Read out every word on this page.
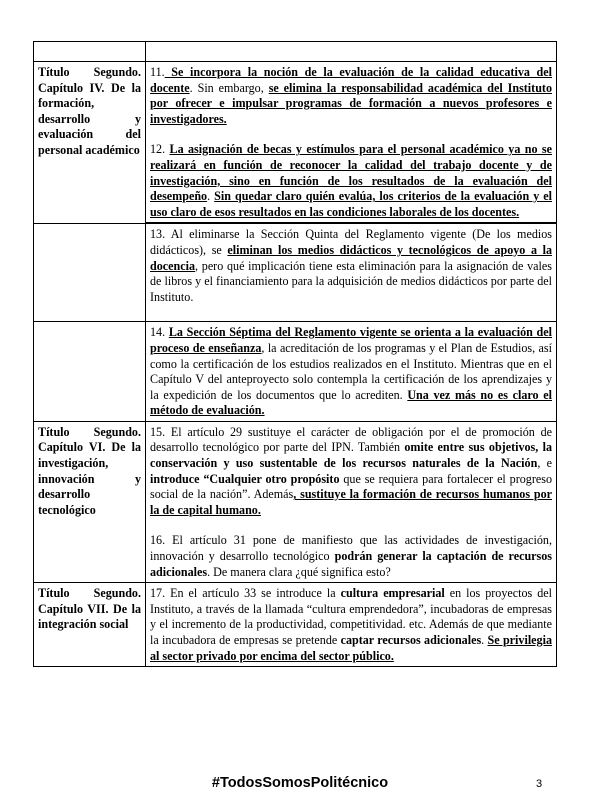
Título Segundo. Capítulo IV. De la formación, desarrollo y evaluación del personal académico	11. Se incorpora la noción de la evaluación de la calidad educativa del docente. Sin embargo, se elimina la responsabilidad académica del Instituto por ofrecer e impulsar programas de formación a nuevos profesores e investigadores.

12. La asignación de becas y estímulos para el personal académico ya no se realizará en función de reconocer la calidad del trabajo docente y de investigación, sino en función de los resultados de la evaluación del desempeño. Sin quedar claro quién evalúa, los criterios de la evaluación y el uso claro de esos resultados en las condiciones laborales de los docentes.

	13. Al eliminarse la Sección Quinta del Reglamento vigente (De los medios didácticos), se eliminan los medios didácticos y tecnológicos de apoyo a la docencia, pero qué implicación tiene esta eliminación para la asignación de vales de libros y el financiamiento para la adquisición de medios didácticos por parte del Instituto.

	14. La Sección Séptima del Reglamento vigente se orienta a la evaluación del proceso de enseñanza, la acreditación de los programas y el Plan de Estudios, así como la certificación de los estudios realizados en el Instituto. Mientras que en el Capítulo V del anteproyecto solo contempla la certificación de los aprendizajes y la expedición de los documentos que lo acrediten. Una vez más no es claro el método de evaluación.

Título Segundo. Capítulo VI. De la investigación, innovación y desarrollo tecnológico	15. El artículo 29 sustituye el carácter de obligación por el de promoción de desarrollo tecnológico por parte del IPN. También omite entre sus objetivos, la conservación y uso sustentable de los recursos naturales de la Nación, e introduce “Cualquier otro propósito que se requiera para fortalecer el progreso social de la nación”. Además, sustituye la formación de recursos humanos por la de capital humano.

16. El artículo 31 pone de manifiesto que las actividades de investigación, innovación y desarrollo tecnológico podrán generar la captación de recursos adicionales. De manera clara ¿qué significa esto?

Título Segundo. Capítulo VII. De la integración social	17. En el artículo 33 se introduce la cultura empresarial en los proyectos del Instituto, a través de la llamada “cultura emprendedora”, incubadoras de empresas y el incremento de la productividad, competitividad. etc. Además de que mediante la incubadora de empresas se pretende captar recursos adicionales. Se privilegia al sector privado por encima del sector público.

#TodosSomosPolitécnico	3
